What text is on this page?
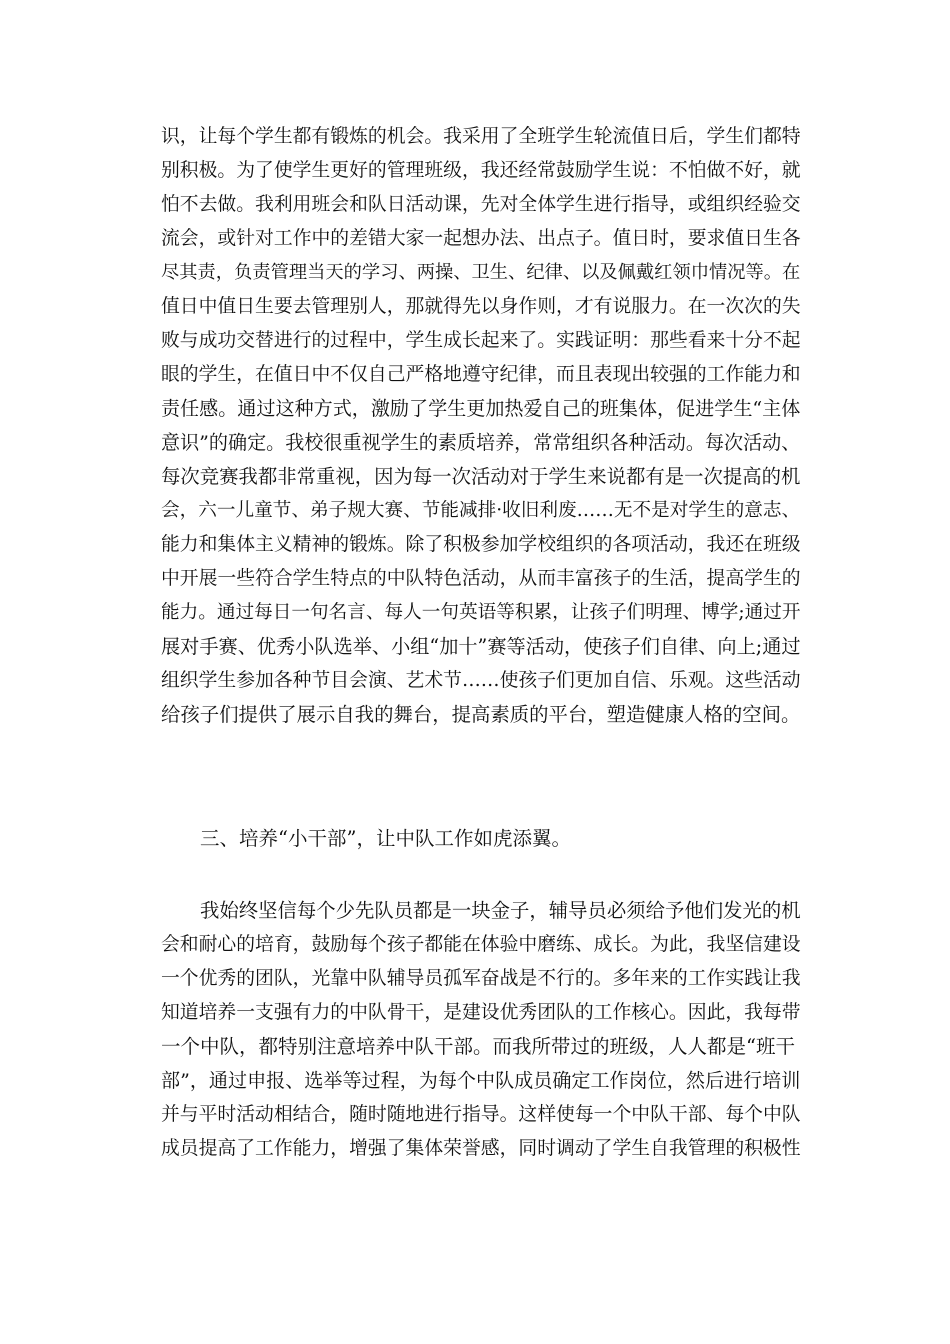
识，让每个学生都有锻炼的机会。我采用了全班学生轮流值日后，学生们都特
别积极。为了使学生更好的管理班级，我还经常鼓励学生说：不怕做不好，就
怕不去做。我利用班会和队日活动课，先对全体学生进行指导，或组织经验交
流会，或针对工作中的差错大家一起想办法、出点子。值日时，要求值日生各
尽其责，负责管理当天的学习、两操、卫生、纪律、以及佩戴红领巾情况等。在
值日中值日生要去管理别人，那就得先以身作则，才有说服力。在一次次的失
败与成功交替进行的过程中，学生成长起来了。实践证明：那些看来十分不起
眼的学生，在值日中不仅自己严格地遵守纪律，而且表现出较强的工作能力和
责任感。通过这种方式，激励了学生更加热爱自己的班集体，促进学生“主体
意识”的确定。我校很重视学生的素质培养，常常组织各种活动。每次活动、
每次竞赛我都非常重视，因为每一次活动对于学生来说都有是一次提高的机
会，六一儿童节、弟子规大赛、节能减排·收旧利废……无不是对学生的意志、
能力和集体主义精神的锻炼。除了积极参加学校组织的各项活动，我还在班级
中开展一些符合学生特点的中队特色活动，从而丰富孩子的生活，提高学生的
能力。通过每日一句名言、每人一句英语等积累，让孩子们明理、博学;通过开
展对手赛、优秀小队选举、小组“加十”赛等活动，使孩子们自律、向上;通过
组织学生参加各种节目会演、艺术节……使孩子们更加自信、乐观。这些活动
给孩子们提供了展示自我的舞台，提高素质的平台，塑造健康人格的空间。
三、培养“小干部”，让中队工作如虎添翼。
我始终坚信每个少先队员都是一块金子，辅导员必须给予他们发光的机
会和耐心的培育，鼓励每个孩子都能在体验中磨练、成长。为此，我坚信建设
一个优秀的团队，光靠中队辅导员孤军奋战是不行的。多年来的工作实践让我
知道培养一支强有力的中队骨干，是建设优秀团队的工作核心。因此，我每带
一个中队，都特别注意培养中队干部。而我所带过的班级，人人都是“班干
部”，通过申报、选举等过程，为每个中队成员确定工作岗位，然后进行培训
并与平时活动相结合，随时随地进行指导。这样使每一个中队干部、每个中队
成员提高了工作能力，增强了集体荣誉感，同时调动了学生自我管理的积极性
